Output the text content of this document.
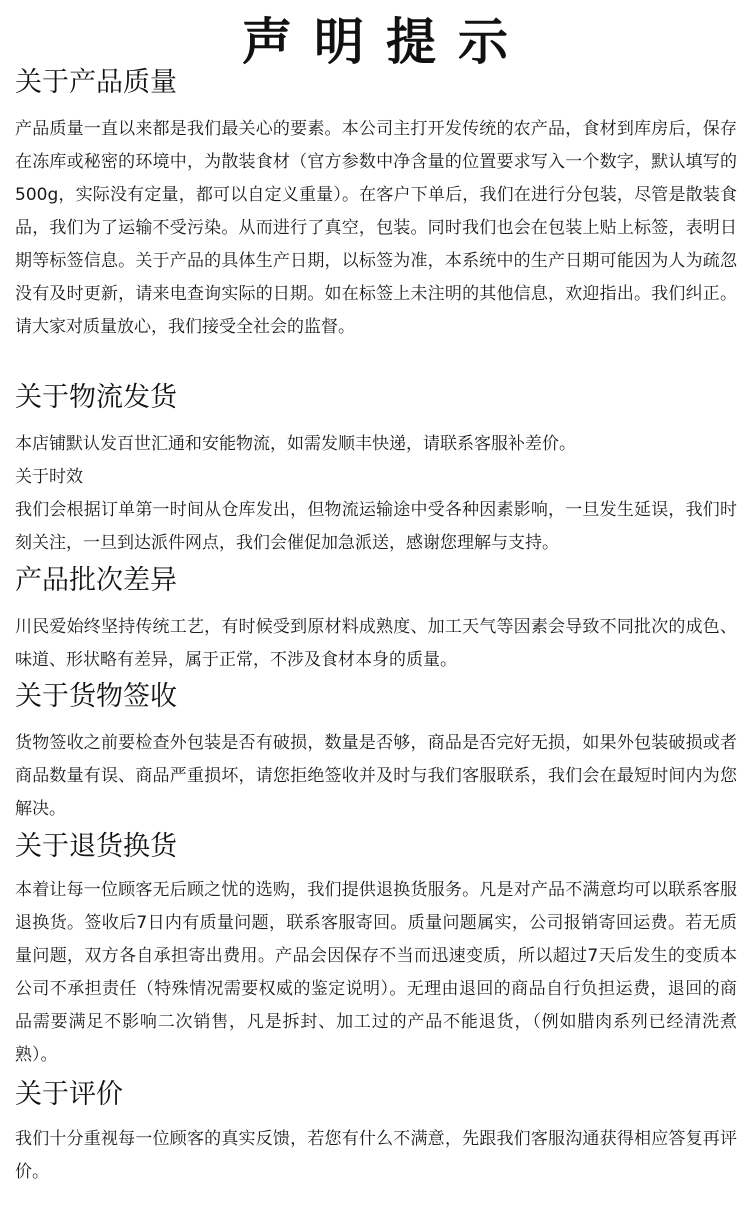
声明提示
关于产品质量

产品质量一直以来都是我们最关心的要素。本公司主打开发传统的农产品，食材到库房后，保存在冻库或秘密的环境中，为散装食材（官方参数中净含量的位置要求写入一个数字，默认填写的500g，实际没有定量，都可以自定义重量）。在客户下单后，我们在进行分包装，尽管是散装食品，我们为了运输不受污染。从而进行了真空，包装。同时我们也会在包装上贴上标签，表明日期等标签信息。关于产品的具体生产日期，以标签为准，本系统中的生产日期可能因为人为疏忽没有及时更新，请来电查询实际的日期。如在标签上未注明的其他信息，欢迎指出。我们纠正。请大家对质量放心，我们接受全社会的监督。

关于物流发货

本店铺默认发百世汇通和安能物流，如需发顺丰快递，请联系客服补差价。

关于时效

我们会根据订单第一时间从仓库发出，但物流运输途中受各种因素影响，一旦发生延误，我们时刻关注，一旦到达派件网点，我们会催促加急派送，感谢您理解与支持。

产品批次差异

川民爱始终坚持传统工艺，有时候受到原材料成熟度、加工天气等因素会导致不同批次的成色、味道、形状略有差异，属于正常，不涉及食材本身的质量。

关于货物签收

货物签收之前要检查外包装是否有破损，数量是否够，商品是否完好无损，如果外包装破损或者商品数量有误、商品严重损坏，请您拒绝签收并及时与我们客服联系，我们会在最短时间内为您解决。

关于退货换货

本着让每一位顾客无后顾之忧的选购，我们提供退换货服务。凡是对产品不满意均可以联系客服退换货。签收后7日内有质量问题，联系客服寄回。质量问题属实，公司报销寄回运费。若无质量问题，双方各自承担寄出费用。产品会因保存不当而迅速变质，所以超过7天后发生的变质本公司不承担责任（特殊情况需要权威的鉴定说明）。无理由退回的商品自行负担运费，退回的商品需要满足不影响二次销售，凡是拆封、加工过的产品不能退货，（例如腊肉系列已经清洗煮熟）。

关于评价

我们十分重视每一位顾客的真实反馈，若您有什么不满意，先跟我们客服沟通获得相应答复再评价。
